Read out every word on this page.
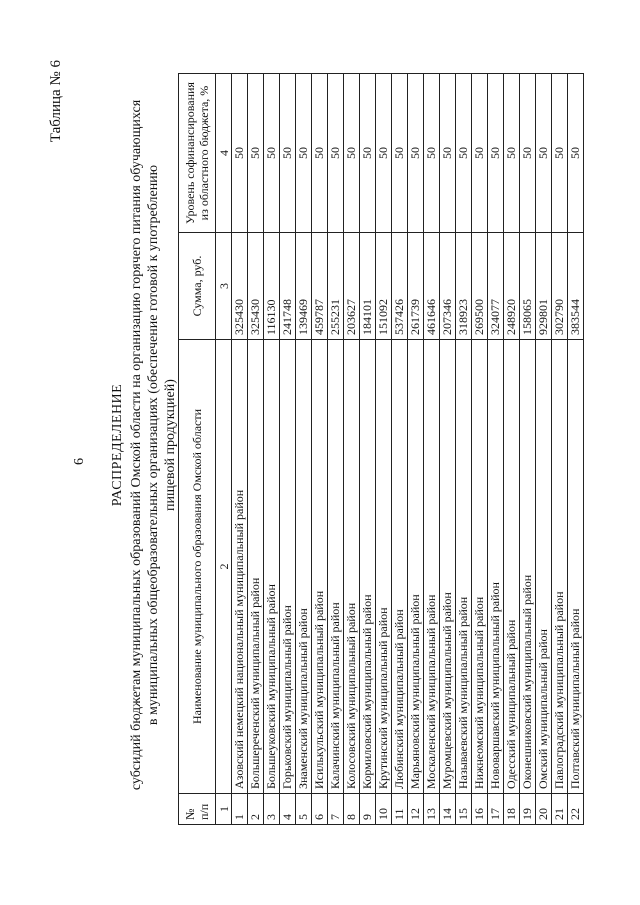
6
Таблица № 6
РАСПРЕДЕЛЕНИЕ субсидий бюджетам муниципальных образований Омской области на организацию горячего питания обучающихся в муниципальных общеобразовательных организациях (обеспечение готовой к употреблению пищевой продукцией)
№ п/п	Наименование муниципального образования Омской области	Сумма, руб.	Уровень софинансирования из областного бюджета, %
1	2	3	4
1	Азовский немецкий национальный муниципальный район	325430	50
2	Большереченский муниципальный район	325430	50
3	Большеуковский муниципальный район	116130	50
4	Горьковский муниципальный район	241748	50
5	Знаменский муниципальный район	139469	50
6	Исилькульский муниципальный район	459787	50
7	Калачинский муниципальный район	255231	50
8	Колосовский муниципальный район	203627	50
9	Кормиловский муниципальный район	184101	50
10	Крутинский муниципальный район	151092	50
11	Любинский муниципальный район	537426	50
12	Марьяновский муниципальный район	261739	50
13	Москаленский муниципальный район	461646	50
14	Муромцевский муниципальный район	207346	50
15	Называевский муниципальный район	318923	50
16	Нижнеомский муниципальный район	269500	50
17	Нововаршавский муниципальный район	324077	50
18	Одесский муниципальный район	248920	50
19	Оконешниковский муниципальный район	158065	50
20	Омский муниципальный район	929801	50
21	Павлоградский муниципальный район	302790	50
22	Полтавский муниципальный район	383544	50
